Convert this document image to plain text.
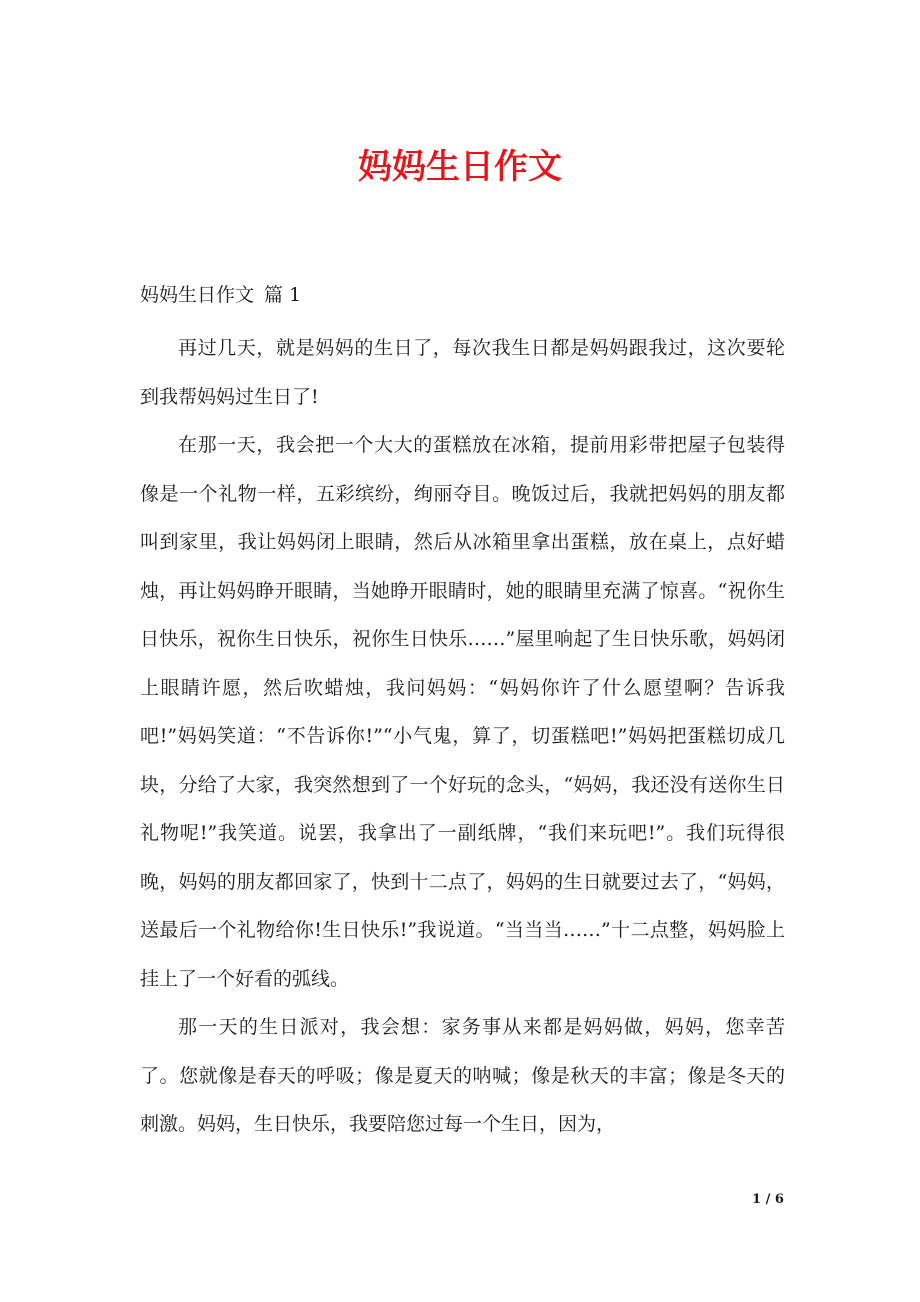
妈妈生日作文
妈妈生日作文 篇 1

再过几天，就是妈妈的生日了，每次我生日都是妈妈跟我过，这次要轮到我帮妈妈过生日了!

在那一天，我会把一个大大的蛋糕放在冰箱，提前用彩带把屋子包装得像是一个礼物一样，五彩缤纷，绚丽夺目。晚饭过后，我就把妈妈的朋友都叫到家里，我让妈妈闭上眼睛，然后从冰箱里拿出蛋糕，放在桌上，点好蜡烛，再让妈妈睁开眼睛，当她睁开眼睛时，她的眼睛里充满了惊喜。“祝你生日快乐，祝你生日快乐，祝你生日快乐……”屋里响起了生日快乐歌，妈妈闭上眼睛许愿，然后吹蜡烛，我问妈妈：“妈妈你许了什么愿望啊？告诉我吧!”妈妈笑道：“不告诉你!”“小气鬼，算了，切蛋糕吧!”妈妈把蛋糕切成几块，分给了大家，我突然想到了一个好玩的念头，“妈妈，我还没有送你生日礼物呢!”我笑道。说罢，我拿出了一副纸牌，“我们来玩吧!”。我们玩得很晚，妈妈的朋友都回家了，快到十二点了，妈妈的生日就要过去了，“妈妈，送最后一个礼物给你!生日快乐!”我说道。“当当当……”十二点整，妈妈脸上挂上了一个好看的弧线。

那一天的生日派对，我会想：家务事从来都是妈妈做，妈妈，您幸苦了。您就像是春天的呼吸；像是夏天的呐喊；像是秋天的丰富；像是冬天的刺激。妈妈，生日快乐，我要陪您过每一个生日，因为，

1 / 6
